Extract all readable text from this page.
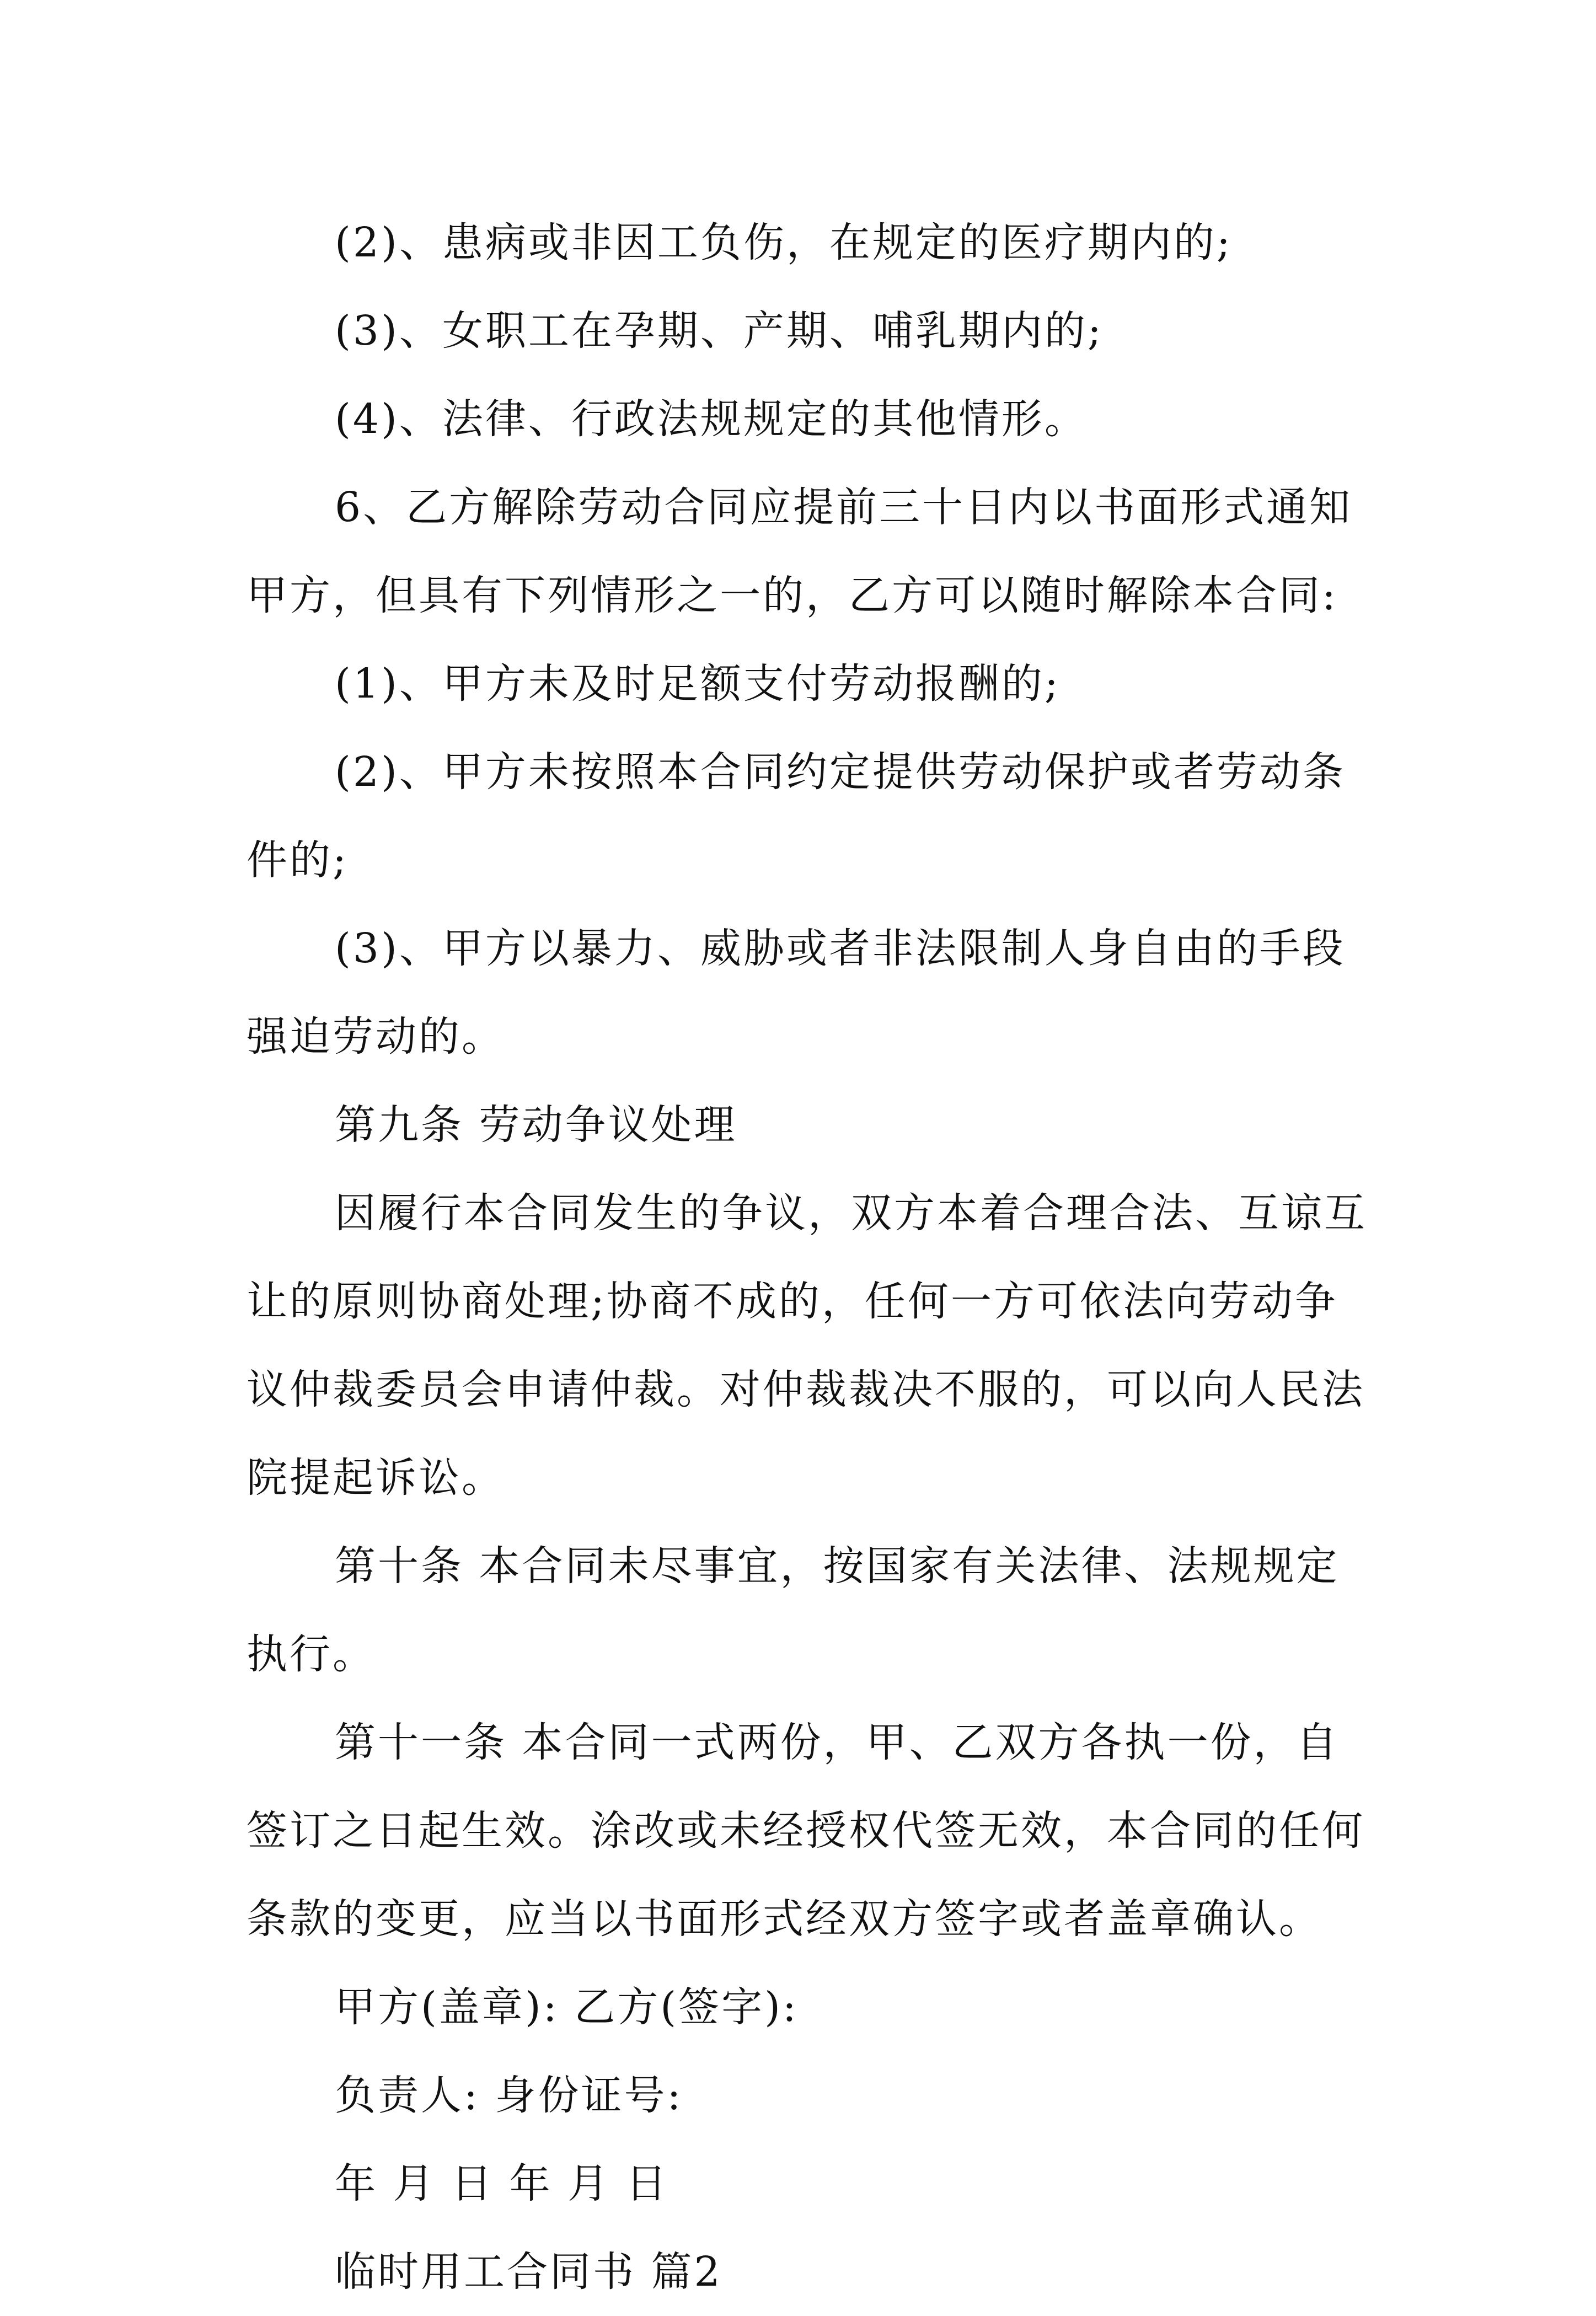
(2)、患病或非因工负伤，在规定的医疗期内的;
(3)、女职工在孕期、产期、哺乳期内的;
(4)、法律、行政法规规定的其他情形。
6、乙方解除劳动合同应提前三十日内以书面形式通知
甲方，但具有下列情形之一的，乙方可以随时解除本合同:
(1)、甲方未及时足额支付劳动报酬的;
(2)、甲方未按照本合同约定提供劳动保护或者劳动条
件的;
(3)、甲方以暴力、威胁或者非法限制人身自由的手段
强迫劳动的。
第九条 劳动争议处理
因履行本合同发生的争议，双方本着合理合法、互谅互
让的原则协商处理;协商不成的，任何一方可依法向劳动争
议仲裁委员会申请仲裁。对仲裁裁决不服的，可以向人民法
院提起诉讼。
第十条 本合同未尽事宜，按国家有关法律、法规规定
执行。
第十一条 本合同一式两份，甲、乙双方各执一份，自
签订之日起生效。涂改或未经授权代签无效，本合同的任何
条款的变更，应当以书面形式经双方签字或者盖章确认。
甲方(盖章): 乙方(签字):
负责人: 身份证号:
年 月 日 年 月 日
临时用工合同书 篇2
